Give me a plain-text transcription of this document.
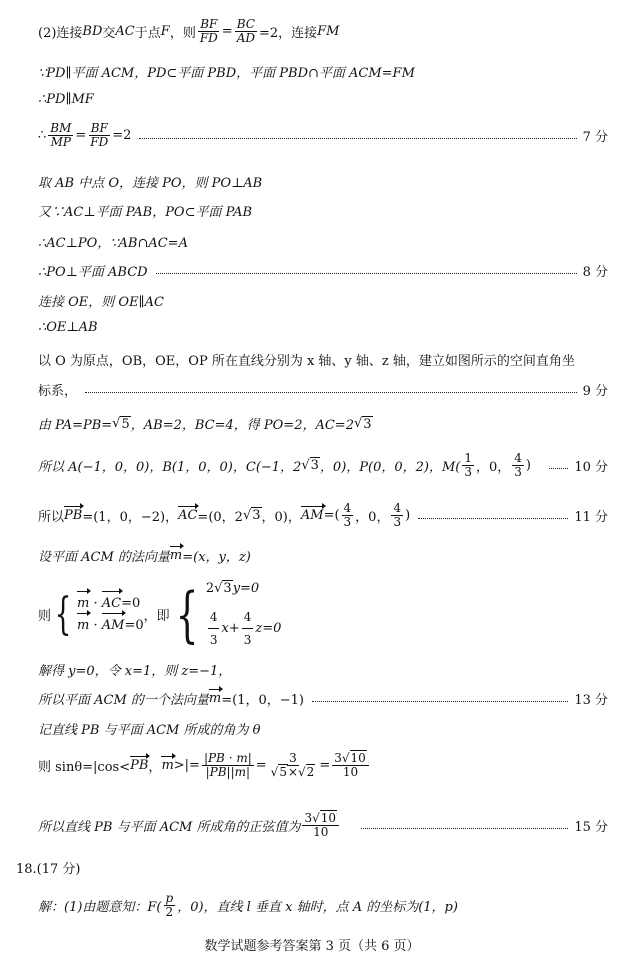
(2)连接 BD 交 AC 于点 F ，则 $\frac{BF}{FD} = \frac{BC}{AD} =2$，连接 FM
∵PD∥平面 ACM，PD⊂平面 PBD，平面 PBD∩平面 ACM=FM
∴PD∥MF
∴ $\frac{BM}{MP} = \frac{BF}{FD} =2$	7 分
取 AB 中点 O，连接 PO，则 PO⊥AB
又∵AC⊥平面 PAB，PO⊂平面 PAB
∴AC⊥PO，∵AB∩AC=A
∴PO⊥平面 ABCD	8 分
连接 OE，则 OE∥AC
∴OE⊥AB
以 O 为原点，OB，OE，OP 所在直线分别为 x 轴、y 轴、z 轴，建立如图所示的空间直角坐
标系，	9 分
由 PA=PB= √ 5 ，AB=2，BC=4，得 PO=2，AC=2 √ 3
所以 A(−1，0，0)，B(1，0，0)，C(−1，2 √ 3 ，0)，P(0，0，2)，$M( \frac{1}{3}$ ，0， $\frac{4}{3}$ )	10 分
所以 PB =(1，0，−2)， AC =(0，2 √ 3 ，0)， AM =( $\frac{4}{3}$ ，0， $\frac{4}{3}$ )	11 分
设平面 ACM 的法向量 m =(x，y，z)
则 { m · AC=0
m · AM=0
，即 { 2√3y=0
$\frac{4}{3} x+ \frac{4}{3} z=0$
解得 y=0，令 x=1，则 z=−1，
所以平面 ACM 的一个法向量 m =(1，0，−1)	13 分
记直线 PB 与平面 ACM 所成的角为 θ
则 sinθ=|cos< PB ， m >|= $\frac{|PB \cdot m|}{|PB||m|} = \frac{3}{√5\times√2} = \frac{3√10}{10}$
所以直线 PB 与平面 ACM 所成角的正弦值为 $\frac{3√10}{10}$	15 分
18.(17 分)
解：(1)由题意知：$F( \frac{p}{2}$ ，0)，直线 l 垂直 x 轴时，点 A 的坐标为(1，p)
数学试题参考答案第 3 页（共 6 页）
